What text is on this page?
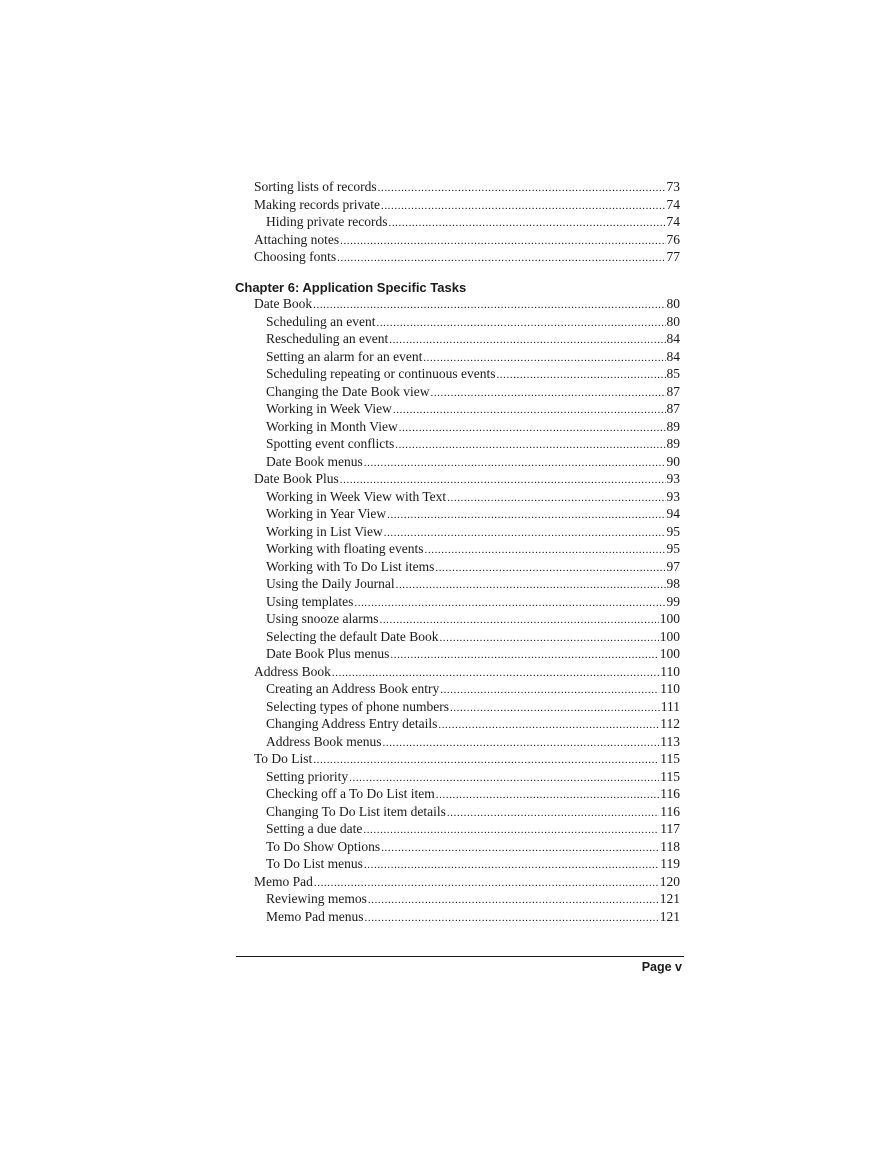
Sorting lists of records .....	73
Making records private .....	74
Hiding private records .....	74
Attaching notes .....	76
Choosing fonts .....	77
Chapter 6: Application Specific Tasks
Date Book .....	80
Scheduling an event .....	80
Rescheduling an event .....	84
Setting an alarm for an event .....	84
Scheduling repeating or continuous events .....	85
Changing the Date Book view .....	87
Working in Week View .....	87
Working in Month View .....	89
Spotting event conflicts .....	89
Date Book menus .....	90
Date Book Plus .....	93
Working in Week View with Text .....	93
Working in Year View .....	94
Working in List View .....	95
Working with floating events .....	95
Working with To Do List items .....	97
Using the Daily Journal .....	98
Using templates .....	99
Using snooze alarms .....	100
Selecting the default Date Book .....	100
Date Book Plus menus .....	100
Address Book .....	110
Creating an Address Book entry .....	110
Selecting types of phone numbers .....	111
Changing Address Entry details .....	112
Address Book menus .....	113
To Do List .....	115
Setting priority .....	115
Checking off a To Do List item .....	116
Changing To Do List item details .....	116
Setting a due date .....	117
To Do Show Options .....	118
To Do List menus .....	119
Memo Pad .....	120
Reviewing memos .....	121
Memo Pad menus .....	121
Page v
